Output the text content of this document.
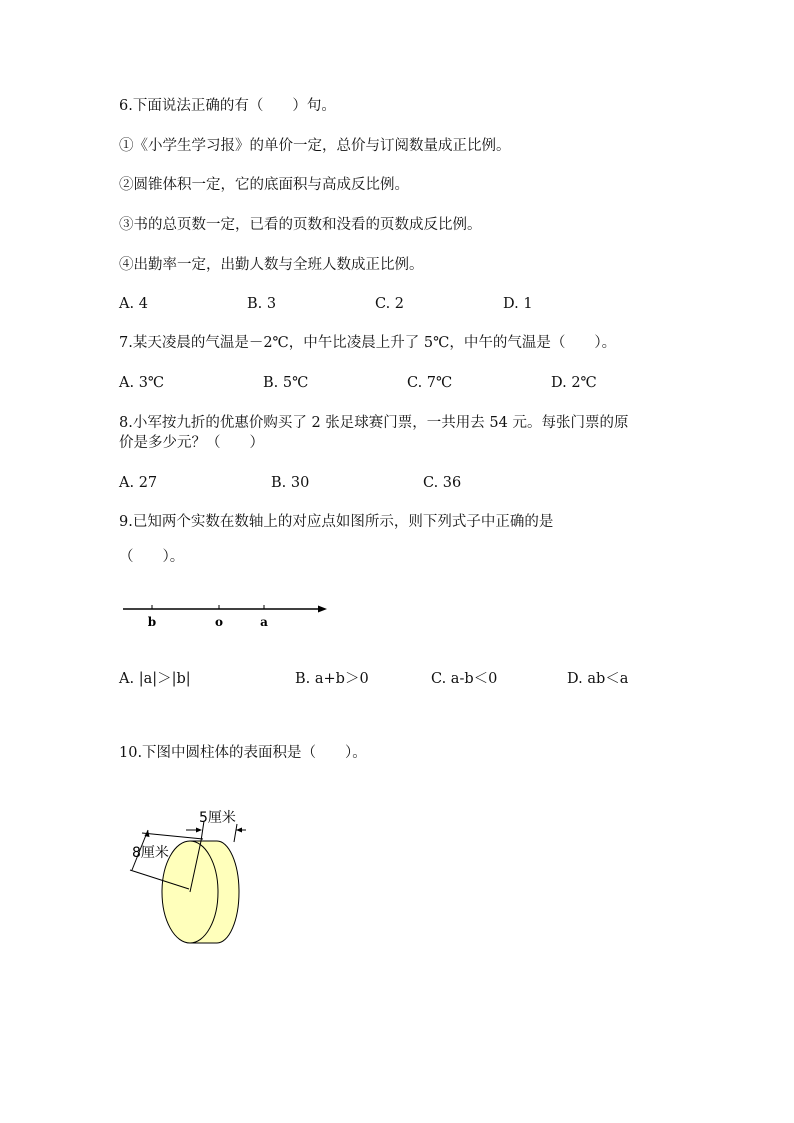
6.下面说法正确的有（　　）句。
①《小学生学习报》的单价一定，总价与订阅数量成正比例。
②圆锥体积一定，它的底面积与高成反比例。
③书的总页数一定，已看的页数和没看的页数成反比例。
④出勤率一定，出勤人数与全班人数成正比例。
A. 4	B. 3	C. 2	D. 1
7.某天凌晨的气温是－2℃，中午比凌晨上升了 5℃，中午的气温是（　　）。
A. 3℃	B. 5℃	C. 7℃	D. 2℃
8.小军按九折的优惠价购买了 2 张足球赛门票，一共用去 54 元。每张门票的原
价是多少元？（　　）
A. 27	B. 30	C. 36
9.已知两个实数在数轴上的对应点如图所示，则下列式子中正确的是
（　　）。
b	o	a
A. |a|＞|b|	B. a+b＞0	C. a-b＜0	D. ab＜a
10.下图中圆柱体的表面积是（　　）。
5厘米
8厘米
